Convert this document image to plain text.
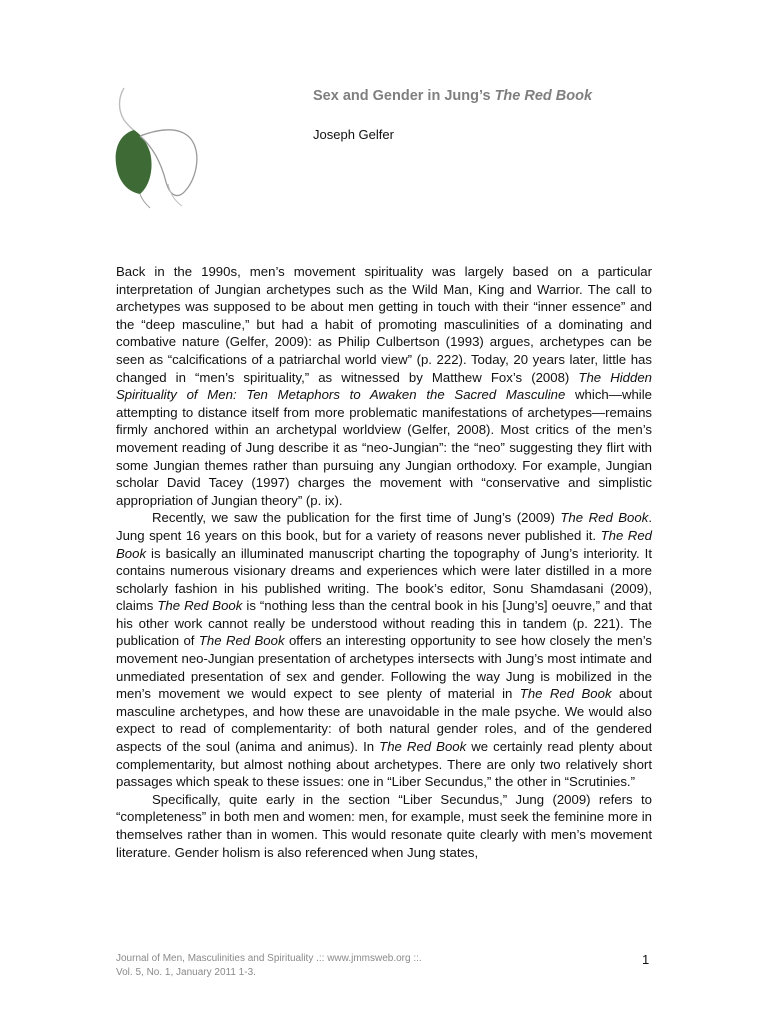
Sex and Gender in Jung’s The Red Book
Joseph Gelfer

Back in the 1990s, men’s movement spirituality was largely based on a particular interpretation of Jungian archetypes such as the Wild Man, King and Warrior. The call to archetypes was supposed to be about men getting in touch with their “inner essence” and the “deep masculine,” but had a habit of promoting masculinities of a dominating and combative nature (Gelfer, 2009): as Philip Culbertson (1993) argues, archetypes can be seen as “calcifications of a patriarchal world view” (p. 222). Today, 20 years later, little has changed in “men’s spirituality,” as witnessed by Matthew Fox’s (2008) The Hidden Spirituality of Men: Ten Metaphors to Awaken the Sacred Masculine which—while attempting to distance itself from more problematic manifestations of archetypes—remains firmly anchored within an archetypal worldview (Gelfer, 2008). Most critics of the men’s movement reading of Jung describe it as “neo-Jungian”: the “neo” suggesting they flirt with some Jungian themes rather than pursuing any Jungian orthodoxy. For example, Jungian scholar David Tacey (1997) charges the movement with “conservative and simplistic appropriation of Jungian theory” (p. ix).

Recently, we saw the publication for the first time of Jung’s (2009) The Red Book. Jung spent 16 years on this book, but for a variety of reasons never published it. The Red Book is basically an illuminated manuscript charting the topography of Jung’s interiority. It contains numerous visionary dreams and experiences which were later distilled in a more scholarly fashion in his published writing. The book’s editor, Sonu Shamdasani (2009), claims The Red Book is “nothing less than the central book in his [Jung’s] oeuvre,” and that his other work cannot really be understood without reading this in tandem (p. 221). The publication of The Red Book offers an interesting opportunity to see how closely the men’s movement neo-Jungian presentation of archetypes intersects with Jung’s most intimate and unmediated presentation of sex and gender. Following the way Jung is mobilized in the men’s movement we would expect to see plenty of material in The Red Book about masculine archetypes, and how these are unavoidable in the male psyche. We would also expect to read of complementarity: of both natural gender roles, and of the gendered aspects of the soul (anima and animus). In The Red Book we certainly read plenty about complementarity, but almost nothing about archetypes. There are only two relatively short passages which speak to these issues: one in “Liber Secundus,” the other in “Scrutinies.”

Specifically, quite early in the section “Liber Secundus,” Jung (2009) refers to “completeness” in both men and women: men, for example, must seek the feminine more in themselves rather than in women. This would resonate quite clearly with men’s movement literature. Gender holism is also referenced when Jung states,

Journal of Men, Masculinities and Spirituality .:: www.jmmsweb.org ::.
Vol. 5, No. 1, January 2011 1-3.
1
